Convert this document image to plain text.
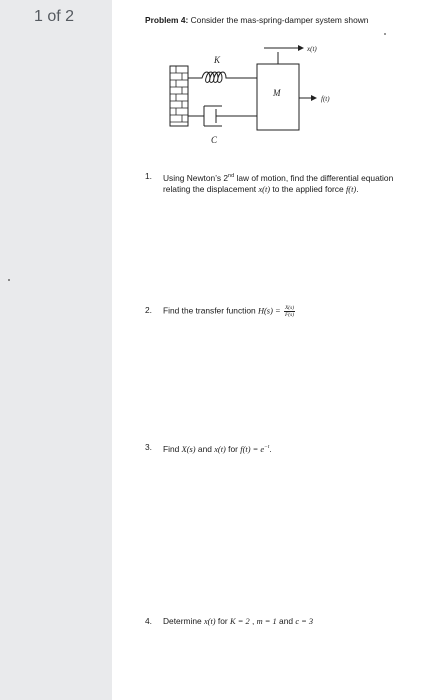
1 of 2	Problem 4: Consider the mas-spring-damper system shown
K
C
M
x(t)
f(t)
1. Using Newton’s 2nd law of motion, find the differential equation relating the displacement x(t) to the applied force f(t).
2. Find the transfer function $H(s) = \frac{X(s)}{F(s)}$
3. Find X(s) and x(t) for $f(t) = e^{-t}$.
4. Determine x(t) for K = 2 , m = 1 and c = 3
